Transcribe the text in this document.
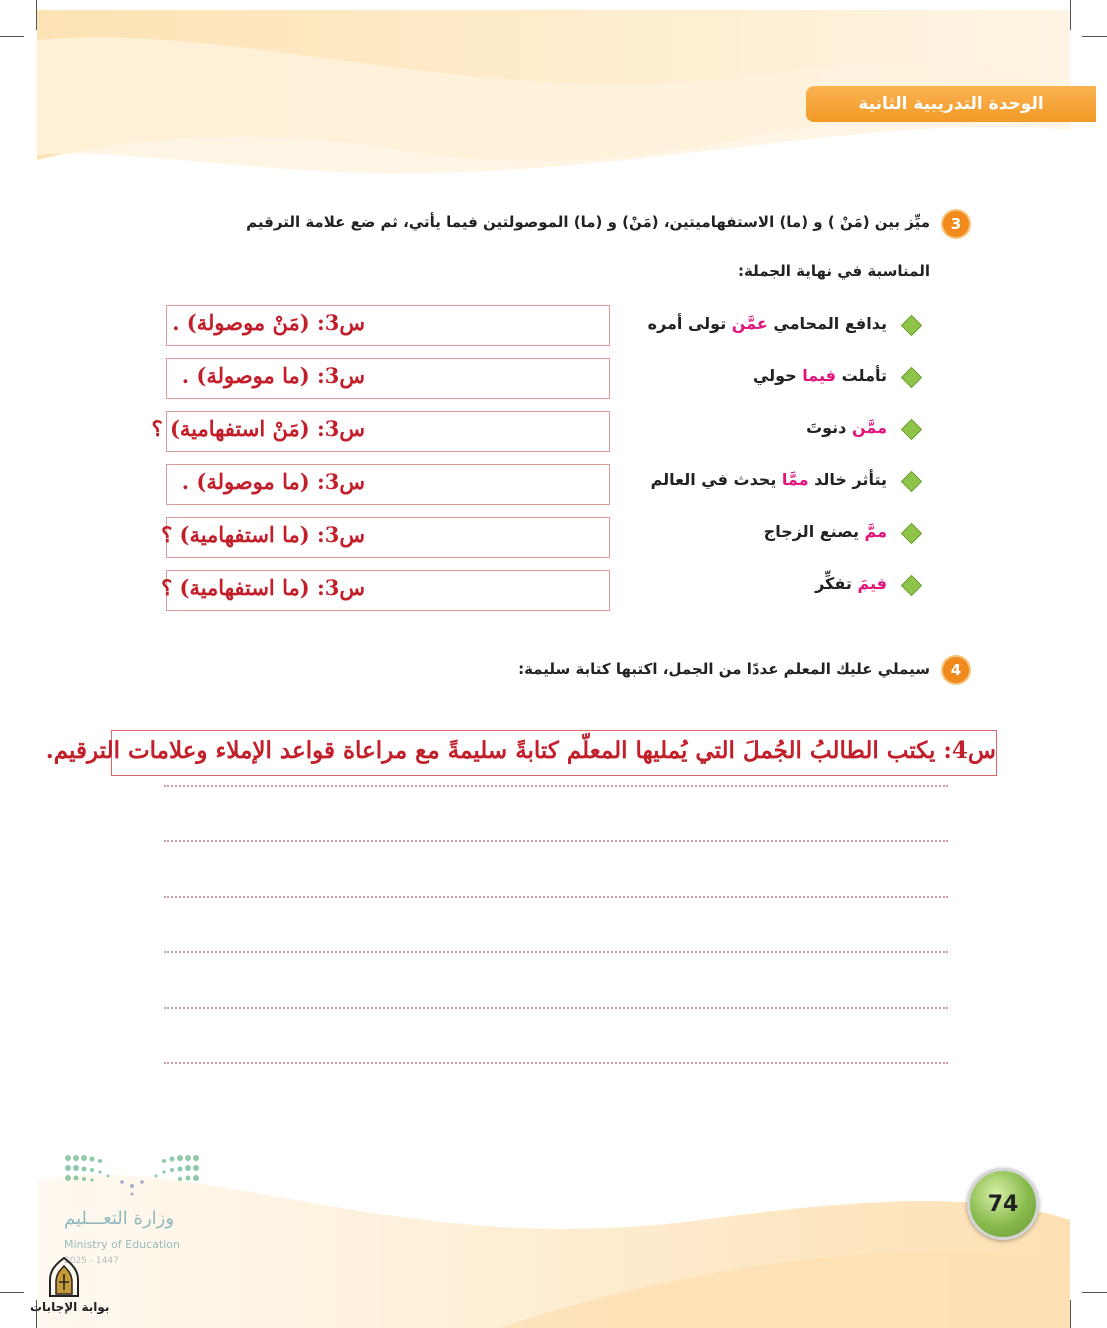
الوحدة التدريبية الثانية
3
ميِّز بين (مَنْ ) و (ما) الاستفهاميتين، (مَنْ) و (ما) الموصولتين فيما يأتي، ثم ضع علامة الترقيم
المناسبة في نهاية الجملة:
يدافع المحامي عمَّن تولى أمره
س3: (مَنْ موصولة) .
تأملت فيما حولي
س3: (ما موصولة) .
ممَّن دنوتَ
س3: (مَنْ استفهامية) ؟
يتأثر خالد ممَّا يحدث في العالم
س3: (ما موصولة) .
ممَّ يصنع الزجاج
س3: (ما استفهامية) ؟
فيمَ تفكِّر
س3: (ما استفهامية) ؟
4
سيملي عليك المعلم عددًا من الجمل، اكتبها كتابة سليمة:
س4: يكتب الطالبُ الجُملَ التي يُمليها المعلّم كتابةً سليمةً مع مراعاة قواعد الإملاء وعلامات الترقيم.
وزارة التعـــليم
Ministry of Education
2025 - 1447
بوابة الإجابات
74
